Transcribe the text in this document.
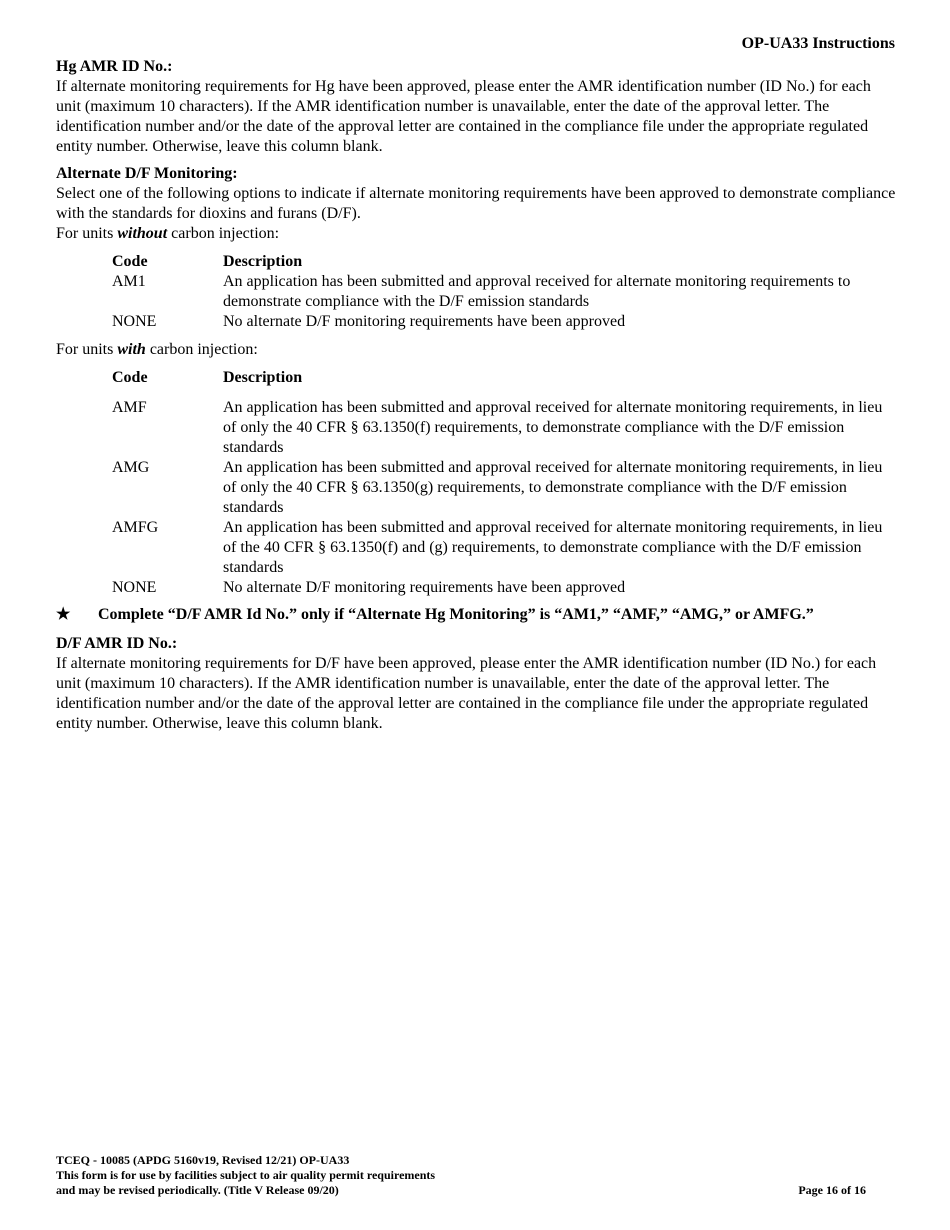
OP-UA33 Instructions

Hg AMR ID No.:

If alternate monitoring requirements for Hg have been approved, please enter the AMR identification number (ID No.) for each unit (maximum 10 characters). If the AMR identification number is unavailable, enter the date of the approval letter. The identification number and/or the date of the approval letter are contained in the compliance file under the appropriate regulated entity number. Otherwise, leave this column blank.

Alternate D/F Monitoring:

Select one of the following options to indicate if alternate monitoring requirements have been approved to demonstrate compliance with the standards for dioxins and furans (D/F).

For units without carbon injection:

Code	Description
AM1	An application has been submitted and approval received for alternate monitoring requirements to demonstrate compliance with the D/F emission standards
NONE	No alternate D/F monitoring requirements have been approved

For units with carbon injection:

Code	Description
AMF	An application has been submitted and approval received for alternate monitoring requirements, in lieu of only the 40 CFR § 63.1350(f) requirements, to demonstrate compliance with the D/F emission standards
AMG	An application has been submitted and approval received for alternate monitoring requirements, in lieu of only the 40 CFR § 63.1350(g) requirements, to demonstrate compliance with the D/F emission standards
AMFG	An application has been submitted and approval received for alternate monitoring requirements, in lieu of the 40 CFR § 63.1350(f) and (g) requirements, to demonstrate compliance with the D/F emission standards
NONE	No alternate D/F monitoring requirements have been approved

★ Complete “D/F AMR Id No.” only if “Alternate Hg Monitoring” is “AM1,” “AMF,” “AMG,” or AMFG.”

D/F AMR ID No.:

If alternate monitoring requirements for D/F have been approved, please enter the AMR identification number (ID No.) for each unit (maximum 10 characters). If the AMR identification number is unavailable, enter the date of the approval letter. The identification number and/or the date of the approval letter are contained in the compliance file under the appropriate regulated entity number. Otherwise, leave this column blank.

TCEQ - 10085 (APDG 5160v19, Revised 12/21) OP-UA33
This form is for use by facilities subject to air quality permit requirements
and may be revised periodically. (Title V Release 09/20)	Page 16 of 16
